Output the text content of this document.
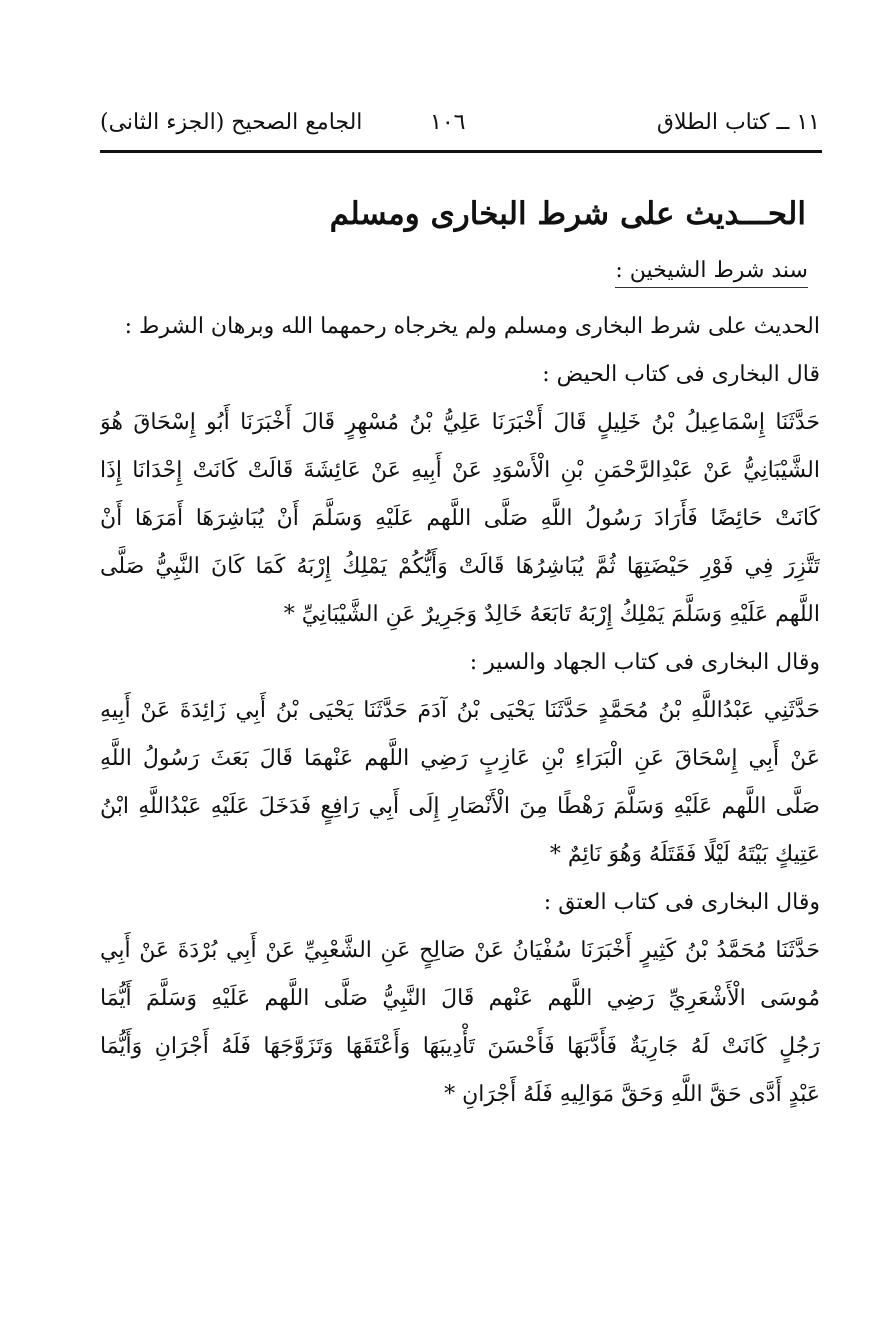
١١ ــ كتاب الطلاق
١٠٦
الجامع الصحيح (الجزء الثانى)
الحـــديث على شرط البخارى ومسلم
سند شرط الشيخين :
الحديث على شرط البخارى ومسلم ولم يخرجاه رحمهما الله وبرهان الشرط :
قال البخارى فى كتاب الحيض :
حَدَّثَنَا إِسْمَاعِيلُ بْنُ خَلِيلٍ قَالَ أَخْبَرَنَا عَلِيُّ بْنُ مُسْهِرٍ قَالَ أَخْبَرَنَا أَبُو إِسْحَاقَ هُوَ
الشَّيْبَانِيُّ عَنْ عَبْدِالرَّحْمَنِ بْنِ الْأَسْوَدِ عَنْ أَبِيهِ عَنْ عَائِشَةَ قَالَتْ كَانَتْ إِحْدَانَا إِذَا
كَانَتْ حَائِضًا فَأَرَادَ رَسُولُ اللَّهِ صَلَّى اللَّهم عَلَيْهِ وَسَلَّمَ أَنْ يُبَاشِرَهَا أَمَرَهَا أَنْ
تَتَّزِرَ فِي فَوْرِ حَيْضَتِهَا ثُمَّ يُبَاشِرُهَا قَالَتْ وَأَيُّكُمْ يَمْلِكُ إِرْبَهُ كَمَا كَانَ النَّبِيُّ صَلَّى
اللَّهم عَلَيْهِ وَسَلَّمَ يَمْلِكُ إِرْبَهُ تَابَعَهُ خَالِدٌ وَجَرِيرٌ عَنِ الشَّيْبَانِيِّ *
وقال البخارى فى كتاب الجهاد والسير :
حَدَّثَنِي عَبْدُاللَّهِ بْنُ مُحَمَّدٍ حَدَّثَنَا يَحْيَى بْنُ آدَمَ حَدَّثَنَا يَحْيَى بْنُ أَبِي زَائِدَةَ عَنْ أَبِيهِ
عَنْ أَبِي إِسْحَاقَ عَنِ الْبَرَاءِ بْنِ عَازِبٍ رَضِي اللَّهم عَنْهمَا قَالَ بَعَثَ رَسُولُ اللَّهِ
صَلَّى اللَّهم عَلَيْهِ وَسَلَّمَ رَهْطًا مِنَ الْأَنْصَارِ إِلَى أَبِي رَافِعٍ فَدَخَلَ عَلَيْهِ عَبْدُاللَّهِ ابْنُ
عَتِيكٍ بَيْتَهُ لَيْلًا فَقَتَلَهُ وَهُوَ نَائِمٌ *
وقال البخارى فى كتاب العتق :
حَدَّثَنَا مُحَمَّدُ بْنُ كَثِيرٍ أَخْبَرَنَا سُفْيَانُ عَنْ صَالِحٍ عَنِ الشَّعْبِيِّ عَنْ أَبِي بُرْدَةَ عَنْ أَبِي
مُوسَى الْأَشْعَرِيِّ رَضِي اللَّهم عَنْهم قَالَ النَّبِيُّ صَلَّى اللَّهم عَلَيْهِ وَسَلَّمَ أَيُّمَا
رَجُلٍ كَانَتْ لَهُ جَارِيَةٌ فَأَدَّبَهَا فَأَحْسَنَ تَأْدِيبَهَا وَأَعْتَقَهَا وَتَزَوَّجَهَا فَلَهُ أَجْرَانِ وَأَيُّمَا
عَبْدٍ أَدَّى حَقَّ اللَّهِ وَحَقَّ مَوَالِيهِ فَلَهُ أَجْرَانِ *
